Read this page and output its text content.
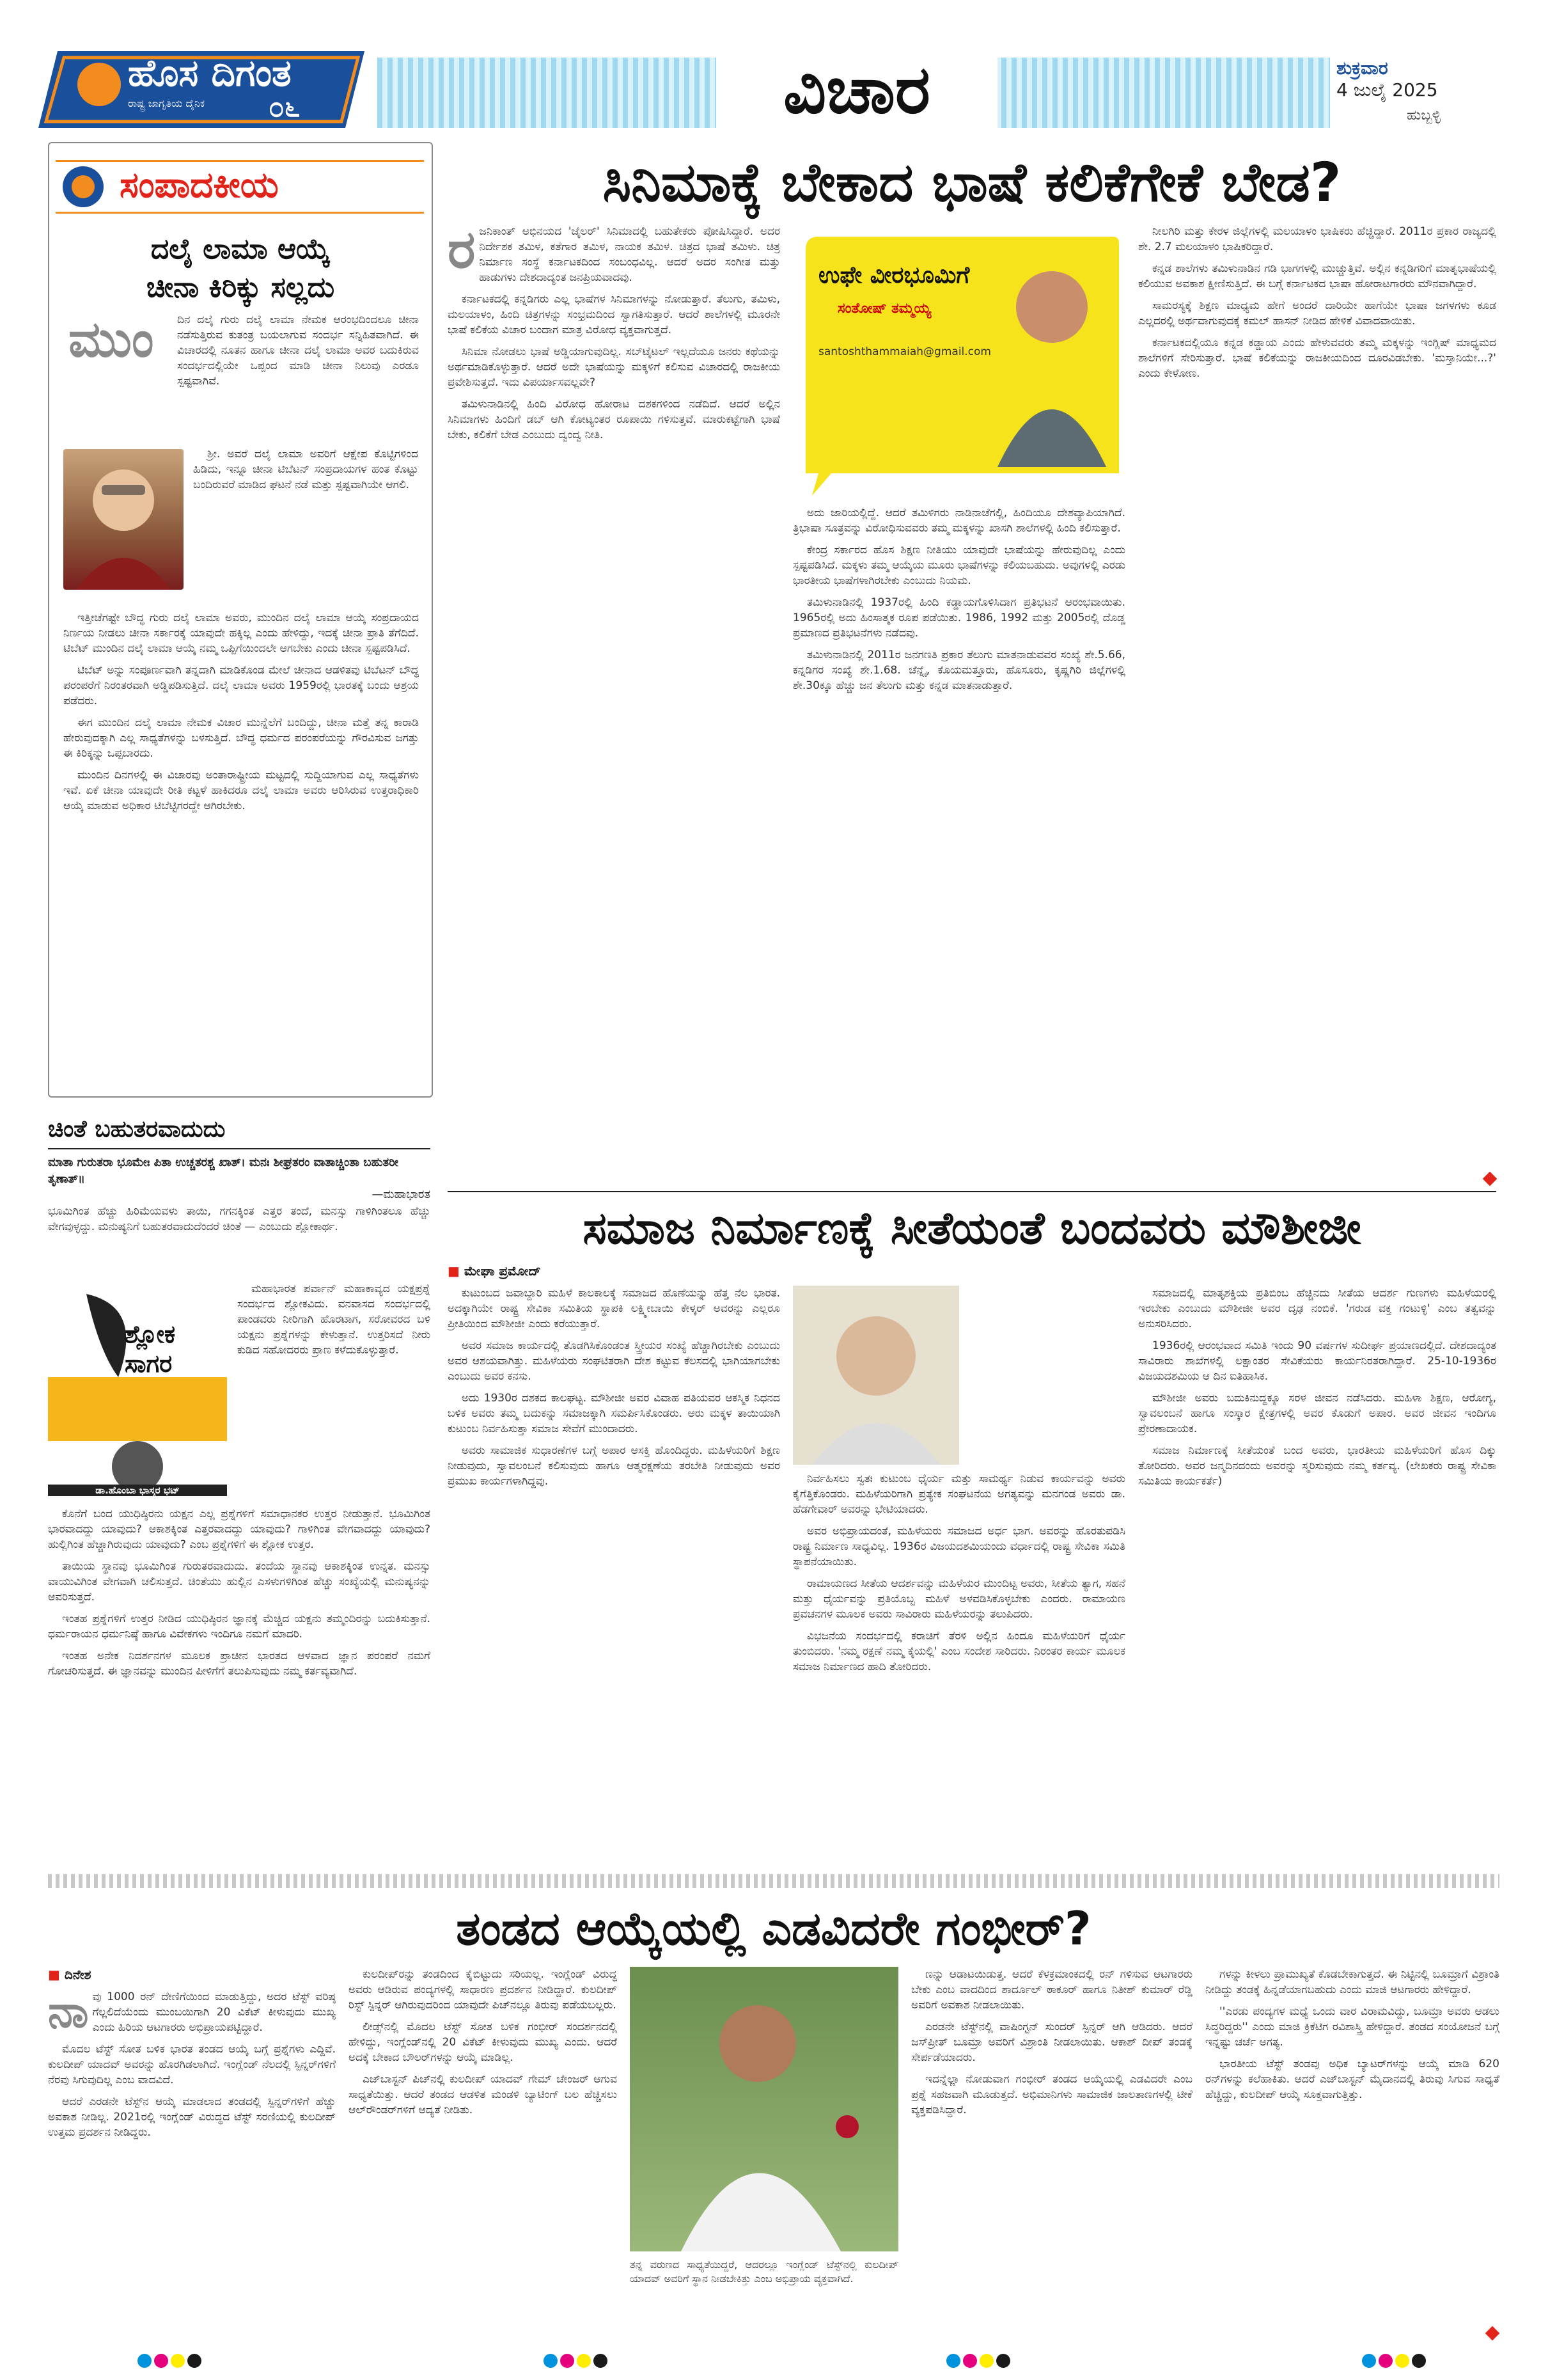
ಹೊಸ ದಿಗಂತ
ರಾಷ್ಟ್ರ ಜಾಗೃತಿಯ ದೈನಿಕ ೦೬	ವಿಚಾರ	ಶುಕ್ರವಾರ
4 ಜುಲೈ 2025
ಹುಬ್ಬಳ್ಳಿ
ಸಂಪಾದಕೀಯ
ದಲೈ ಲಾಮಾ ಆಯ್ಕೆ
ಚೀನಾ ಕಿರಿಕ್ಕು ಸಲ್ಲದು
ಮುಂ ದಿನ ದಲೈ ಗುರು ದಲೈ ಲಾಮಾ ನೇಮಕ ಆರಂಭದಿಂದಲೂ ಚೀನಾ ನಡೆಸುತ್ತಿರುವ ಕುತಂತ್ರ ಬಯಲಾಗುವ ಸಂದರ್ಭ ಸನ್ನಿಹಿತವಾಗಿದೆ. ಈ ವಿಚಾರದಲ್ಲಿ ನೂತನ ಹಾಗೂ ಚೀನಾ ದಲೈ ಲಾಮಾ ಅವರ ಬದುಕಿರುವ ಸಂದರ್ಭದಲ್ಲಿಯೇ ಒಪ್ಪಂದ ಮಾಡಿ ಚೀನಾ ನಿಲುವು ಎರಡೂ ಸ್ಪಷ್ಟವಾಗಿವೆ.

ಶ್ರೀ. ಅವರೆ ದಲೈ ಲಾಮಾ ಅವರಿಗೆ ಆಕ್ಷೇಪ ಕೊಟ್ಟಿಗಳಿಂದ ಹಿಡಿದು, ಇನ್ನೂ ಚೀನಾ ಟಿಬೆಟನ್ ಸಂಪ್ರದಾಯಗಳ ಹಂತ ಕೊಟ್ಟು ಬಂದಿರುವರೆ ಮಾಡಿದ ಘಟನೆ ನಡೆ ಮತ್ತು ಸ್ಪಷ್ಟವಾಗಿಯೇ ಆಗಲಿ.

ಇತ್ತೀಚೆಗಷ್ಟೇ ಬೌದ್ಧ ಗುರು ದಲೈ ಲಾಮಾ ಅವರು, ಮುಂದಿನ ದಲೈ ಲಾಮಾ ಆಯ್ಕೆ ಸಂಪ್ರದಾಯದ ನಿರ್ಣಯ ನೀಡಲು ಚೀನಾ ಸರ್ಕಾರಕ್ಕೆ ಯಾವುದೇ ಹಕ್ಕಿಲ್ಲ ಎಂದು ಹೇಳಿದ್ದು, ಇದಕ್ಕೆ ಚೀನಾ ಪ್ರಾತಿ ತೆಗೆದಿದೆ. ಟಿಬೆಟ್ ಮುಂದಿನ ದಲೈ ಲಾಮಾ ಆಯ್ಕೆ ನಮ್ಮ ಒಪ್ಪಿಗೆಯಿಂದಲೇ ಆಗಬೇಕು ಎಂದು ಚೀನಾ ಸ್ಪಷ್ಟಪಡಿಸಿದೆ.

ಟಿಬೆಟ್ ಅನ್ನು ಸಂಪೂರ್ಣವಾಗಿ ತನ್ನದಾಗಿ ಮಾಡಿಕೊಂಡ ಮೇಲೆ ಚೀನಾದ ಆಡಳಿತವು ಟಿಬೆಟನ್ ಬೌದ್ಧ ಪರಂಪರೆಗೆ ನಿರಂತರವಾಗಿ ಅಡ್ಡಿಪಡಿಸುತ್ತಿದೆ. ದಲೈ ಲಾಮಾ ಅವರು 1959ರಲ್ಲಿ ಭಾರತಕ್ಕೆ ಬಂದು ಆಶ್ರಯ ಪಡೆದರು.

ಈಗ ಮುಂದಿನ ದಲೈ ಲಾಮಾ ನೇಮಕ ವಿಚಾರ ಮುನ್ನೆಲೆಗೆ ಬಂದಿದ್ದು, ಚೀನಾ ಮತ್ತೆ ತನ್ನ ಕಾರಾಡಿ ಹೇರುವುದಕ್ಕಾಗಿ ಎಲ್ಲ ಸಾಧ್ಯತೆಗಳನ್ನು ಬಳಸುತ್ತಿದೆ. ಬೌದ್ಧ ಧರ್ಮದ ಪರಂಪರೆಯನ್ನು ಗೌರವಿಸುವ ಜಗತ್ತು ಈ ಕಿರಿಕ್ಕನ್ನು ಒಪ್ಪಬಾರದು.

ಮುಂದಿನ ದಿನಗಳಲ್ಲಿ ಈ ವಿಚಾರವು ಅಂತಾರಾಷ್ಟ್ರೀಯ ಮಟ್ಟದಲ್ಲಿ ಸುದ್ದಿಯಾಗುವ ಎಲ್ಲ ಸಾಧ್ಯತೆಗಳು ಇವೆ. ಏಕೆ ಚೀನಾ ಯಾವುದೇ ರೀತಿ ಕಟ್ಟಳೆ ಹಾಕಿದರೂ ದಲೈ ಲಾಮಾ ಅವರು ಆರಿಸಿರುವ ಉತ್ತರಾಧಿಕಾರಿ ಆಯ್ಕೆ ಮಾಡುವ ಅಧಿಕಾರ ಟಿಬೆಟ್ಟಿಗರದ್ದೇ ಆಗಿರಬೇಕು.

ಚಿಂತೆ ಬಹುತರವಾದುದು
ಮಾತಾ ಗುರುತರಾ ಭೂಮೇಃ ಪಿತಾ ಉಚ್ಚತರಶ್ಚ ಖಾತ್। ಮನಃ ಶೀಘ್ರತರಂ ವಾತಾಚ್ಚಿಂತಾ ಬಹುತರೀ ತೃಣಾತ್॥
—ಮಹಾಭಾರತ
ಭೂಮಿಗಿಂತ ಹೆಚ್ಚು ಹಿರಿಮೆಯವಳು ತಾಯಿ, ಗಗನಕ್ಕಿಂತ ಎತ್ತರ ತಂದೆ, ಮನಸ್ಸು ಗಾಳಿಗಿಂತಲೂ ಹೆಚ್ಚು ವೇಗವುಳ್ಳದ್ದು. ಮನುಷ್ಯನಿಗೆ ಬಹುತರವಾದುದೆಂದರೆ ಚಿಂತೆ — ಎಂಬುದು ಶ್ಲೋಕಾರ್ಥ.
ಶ್ಲೋಕ ಸಾಗರ
ಡಾ.ಹೊಂಬಾ ಭಾಸ್ಕರ ಭಟ್

ಮಹಾಭಾರತ ಪರ್ವಾನ್ ಮಹಾಕಾವ್ಯದ ಯಕ್ಷಪ್ರಶ್ನೆ ಸಂದರ್ಭದ ಶ್ಲೋಕವಿದು. ವನವಾಸದ ಸಂದರ್ಭದಲ್ಲಿ ಪಾಂಡವರು ನೀರಿಗಾಗಿ ಹೊರಟಾಗ, ಸರೋವರದ ಬಳಿ ಯಕ್ಷನು ಪ್ರಶ್ನೆಗಳನ್ನು ಕೇಳುತ್ತಾನೆ. ಉತ್ತರಿಸದೆ ನೀರು ಕುಡಿದ ಸಹೋದರರು ಪ್ರಾಣ ಕಳೆದುಕೊಳ್ಳುತ್ತಾರೆ.

ಕೊನೆಗೆ ಬಂದ ಯುಧಿಷ್ಠಿರನು ಯಕ್ಷನ ಎಲ್ಲ ಪ್ರಶ್ನೆಗಳಿಗೆ ಸಮಾಧಾನಕರ ಉತ್ತರ ನೀಡುತ್ತಾನೆ. ಭೂಮಿಗಿಂತ ಭಾರವಾದದ್ದು ಯಾವುದು? ಆಕಾಶಕ್ಕಿಂತ ಎತ್ತರವಾದದ್ದು ಯಾವುದು? ಗಾಳಿಗಿಂತ ವೇಗವಾದದ್ದು ಯಾವುದು? ಹುಲ್ಲಿಗಿಂತ ಹೆಚ್ಚಾಗಿರುವುದು ಯಾವುದು? ಎಂಬ ಪ್ರಶ್ನೆಗಳಿಗೆ ಈ ಶ್ಲೋಕ ಉತ್ತರ.

ತಾಯಿಯ ಸ್ಥಾನವು ಭೂಮಿಗಿಂತ ಗುರುತರವಾದುದು. ತಂದೆಯ ಸ್ಥಾನವು ಆಕಾಶಕ್ಕಿಂತ ಉನ್ನತ. ಮನಸ್ಸು ವಾಯುವಿಗಿಂತ ವೇಗವಾಗಿ ಚಲಿಸುತ್ತದೆ. ಚಿಂತೆಯು ಹುಲ್ಲಿನ ಎಸಳುಗಳಿಗಿಂತ ಹೆಚ್ಚು ಸಂಖ್ಯೆಯಲ್ಲಿ ಮನುಷ್ಯನನ್ನು ಆವರಿಸುತ್ತದೆ.

ಇಂತಹ ಪ್ರಶ್ನೆಗಳಿಗೆ ಉತ್ತರ ನೀಡಿದ ಯುಧಿಷ್ಠಿರನ ಜ್ಞಾನಕ್ಕೆ ಮೆಚ್ಚಿದ ಯಕ್ಷನು ತಮ್ಮಂದಿರನ್ನು ಬದುಕಿಸುತ್ತಾನೆ. ಧರ್ಮರಾಯನ ಧರ್ಮನಿಷ್ಠೆ ಹಾಗೂ ವಿವೇಕಗಳು ಇಂದಿಗೂ ನಮಗೆ ಮಾದರಿ.

ಇಂತಹ ಅನೇಕ ನಿದರ್ಶನಗಳ ಮೂಲಕ ಪ್ರಾಚೀನ ಭಾರತದ ಆಳವಾದ ಜ್ಞಾನ ಪರಂಪರೆ ನಮಗೆ ಗೋಚರಿಸುತ್ತದೆ. ಈ ಜ್ಞಾನವನ್ನು ಮುಂದಿನ ಪೀಳಿಗೆಗೆ ತಲುಪಿಸುವುದು ನಮ್ಮ ಕರ್ತವ್ಯವಾಗಿದೆ.

ಸಿನಿಮಾಕ್ಕೆ ಬೇಕಾದ ಭಾಷೆ ಕಲಿಕೆಗೇಕೆ ಬೇಡ?
ರ ಜನಿಕಾಂತ್ ಅಭಿನಯದ 'ಜೈಲರ್' ಸಿನಿಮಾದಲ್ಲಿ ಬಹುತೇಕರು ಪೋಷಿಸಿದ್ದಾರೆ. ಅದರ ನಿರ್ದೇಶಕ ತಮಿಳ, ಕತೆಗಾರ ತಮಿಳ, ನಾಯಕ ತಮಿಳ. ಚಿತ್ರದ ಭಾಷೆ ತಮಿಳು. ಚಿತ್ರ ನಿರ್ಮಾಣ ಸಂಸ್ಥೆ ಕರ್ನಾಟಕದಿಂದ ಸಂಬಂಧವಿಲ್ಲ. ಆದರೆ ಅದರ ಸಂಗೀತ ಮತ್ತು ಹಾಡುಗಳು ದೇಶದಾದ್ಯಂತ ಜನಪ್ರಿಯವಾದವು.

ಕರ್ನಾಟಕದಲ್ಲಿ ಕನ್ನಡಿಗರು ಎಲ್ಲ ಭಾಷೆಗಳ ಸಿನಿಮಾಗಳನ್ನು ನೋಡುತ್ತಾರೆ. ತೆಲುಗು, ತಮಿಳು, ಮಲಯಾಳಂ, ಹಿಂದಿ ಚಿತ್ರಗಳನ್ನು ಸಂಭ್ರಮದಿಂದ ಸ್ವಾಗತಿಸುತ್ತಾರೆ. ಆದರೆ ಶಾಲೆಗಳಲ್ಲಿ ಮೂರನೇ ಭಾಷೆ ಕಲಿಕೆಯ ವಿಚಾರ ಬಂದಾಗ ಮಾತ್ರ ವಿರೋಧ ವ್ಯಕ್ತವಾಗುತ್ತದೆ.

ಸಿನಿಮಾ ನೋಡಲು ಭಾಷೆ ಅಡ್ಡಿಯಾಗುವುದಿಲ್ಲ. ಸಬ್‌ಟೈಟಲ್ ಇಲ್ಲದೆಯೂ ಜನರು ಕಥೆಯನ್ನು ಅರ್ಥಮಾಡಿಕೊಳ್ಳುತ್ತಾರೆ. ಆದರೆ ಅದೇ ಭಾಷೆಯನ್ನು ಮಕ್ಕಳಿಗೆ ಕಲಿಸುವ ವಿಚಾರದಲ್ಲಿ ರಾಜಕೀಯ ಪ್ರವೇಶಿಸುತ್ತದೆ. ಇದು ವಿಪರ್ಯಾಸವಲ್ಲವೇ?

ತಮಿಳುನಾಡಿನಲ್ಲಿ ಹಿಂದಿ ವಿರೋಧ ಹೋರಾಟ ದಶಕಗಳಿಂದ ನಡೆದಿದೆ. ಆದರೆ ಅಲ್ಲಿನ ಸಿನಿಮಾಗಳು ಹಿಂದಿಗೆ ಡಬ್ ಆಗಿ ಕೋಟ್ಯಂತರ ರೂಪಾಯಿ ಗಳಿಸುತ್ತವೆ. ಮಾರುಕಟ್ಟೆಗಾಗಿ ಭಾಷೆ ಬೇಕು, ಕಲಿಕೆಗೆ ಬೇಡ ಎಂಬುದು ದ್ವಂದ್ವ ನೀತಿ.

ಉಫೇ ವೀರಭೂಮಿಗೆ
ಸಂತೋಷ್ ತಮ್ಮಯ್ಯ
santoshthammaiah@gmail.com

ಅದು ಜಾರಿಯಲ್ಲಿದ್ದೆ. ಆದರೆ ತಮಿಳಿಗರು ನಾಡಿನಾಚೆಗಲ್ಲಿ, ಹಿಂದಿಯೂ ದೇಶವ್ಯಾಪಿಯಾಗಿದೆ. ತ್ರಿಭಾಷಾ ಸೂತ್ರವನ್ನು ವಿರೋಧಿಸುವವರು ತಮ್ಮ ಮಕ್ಕಳನ್ನು ಖಾಸಗಿ ಶಾಲೆಗಳಲ್ಲಿ ಹಿಂದಿ ಕಲಿಸುತ್ತಾರೆ.

ಕೇಂದ್ರ ಸರ್ಕಾರದ ಹೊಸ ಶಿಕ್ಷಣ ನೀತಿಯು ಯಾವುದೇ ಭಾಷೆಯನ್ನು ಹೇರುವುದಿಲ್ಲ ಎಂದು ಸ್ಪಷ್ಟಪಡಿಸಿದೆ. ಮಕ್ಕಳು ತಮ್ಮ ಆಯ್ಕೆಯ ಮೂರು ಭಾಷೆಗಳನ್ನು ಕಲಿಯಬಹುದು. ಅವುಗಳಲ್ಲಿ ಎರಡು ಭಾರತೀಯ ಭಾಷೆಗಳಾಗಿರಬೇಕು ಎಂಬುದು ನಿಯಮ.

ತಮಿಳುನಾಡಿನಲ್ಲಿ 1937ರಲ್ಲಿ ಹಿಂದಿ ಕಡ್ಡಾಯಗೊಳಿಸಿದಾಗ ಪ್ರತಿಭಟನೆ ಆರಂಭವಾಯಿತು. 1965ರಲ್ಲಿ ಅದು ಹಿಂಸಾತ್ಮಕ ರೂಪ ಪಡೆಯಿತು. 1986, 1992 ಮತ್ತು 2005ರಲ್ಲಿ ದೊಡ್ಡ ಪ್ರಮಾಣದ ಪ್ರತಿಭಟನೆಗಳು ನಡೆದವು.

ತಮಿಳುನಾಡಿನಲ್ಲಿ 2011ರ ಜನಗಣತಿ ಪ್ರಕಾರ ತೆಲುಗು ಮಾತನಾಡುವವರ ಸಂಖ್ಯೆ ಶೇ.5.66, ಕನ್ನಡಿಗರ ಸಂಖ್ಯೆ ಶೇ.1.68. ಚೆನ್ನೈ, ಕೊಯಮತ್ತೂರು, ಹೊಸೂರು, ಕೃಷ್ಣಗಿರಿ ಜಿಲ್ಲೆಗಳಲ್ಲಿ ಶೇ.30ಕ್ಕೂ ಹೆಚ್ಚು ಜನ ತೆಲುಗು ಮತ್ತು ಕನ್ನಡ ಮಾತನಾಡುತ್ತಾರೆ.

ನೀಲಗಿರಿ ಮತ್ತು ಕೇರಳ ಜಿಲ್ಲೆಗಳಲ್ಲಿ ಮಲಯಾಳಂ ಭಾಷಿಕರು ಹೆಚ್ಚಿದ್ದಾರೆ. 2011ರ ಪ್ರಕಾರ ರಾಜ್ಯದಲ್ಲಿ ಶೇ. 2.7 ಮಲಯಾಳಂ ಭಾಷಿಕರಿದ್ದಾರೆ.

ಕನ್ನಡ ಶಾಲೆಗಳು ತಮಿಳುನಾಡಿನ ಗಡಿ ಭಾಗಗಳಲ್ಲಿ ಮುಚ್ಚುತ್ತಿವೆ. ಅಲ್ಲಿನ ಕನ್ನಡಿಗರಿಗೆ ಮಾತೃಭಾಷೆಯಲ್ಲಿ ಕಲಿಯುವ ಅವಕಾಶ ಕ್ಷೀಣಿಸುತ್ತಿದೆ. ಈ ಬಗ್ಗೆ ಕರ್ನಾಟಕದ ಭಾಷಾ ಹೋರಾಟಗಾರರು ಮೌನವಾಗಿದ್ದಾರೆ.

ಸಾಮರಸ್ಯಕ್ಕೆ ಶಿಕ್ಷಣ ಮಾಧ್ಯಮ ಹೇಗೆ ಅಂದರೆ ದಾರಿಯೇ ಹಾಗೆಯೇ ಭಾಷಾ ಜಗಳಗಳು ಕೂಡ ಎಲ್ಲದರಲ್ಲಿ ಅರ್ಥವಾಗುವುದಕ್ಕೆ ಕಮಲ್ ಹಾಸನ್ ನೀಡಿದ ಹೇಳಿಕೆ ವಿವಾದವಾಯಿತು.

ಕರ್ನಾಟಕದಲ್ಲಿಯೂ ಕನ್ನಡ ಕಡ್ಡಾಯ ಎಂದು ಹೇಳುವವರು ತಮ್ಮ ಮಕ್ಕಳನ್ನು ಇಂಗ್ಲಿಷ್ ಮಾಧ್ಯಮದ ಶಾಲೆಗಳಿಗೆ ಸೇರಿಸುತ್ತಾರೆ. ಭಾಷೆ ಕಲಿಕೆಯನ್ನು ರಾಜಕೀಯದಿಂದ ದೂರವಿಡಬೇಕು. 'ಮಸ್ತಾನಿಯೇ...?' ಎಂದು ಕೇಳೋಣ.

ಸಮಾಜ ನಿರ್ಮಾಣಕ್ಕೆ ಸೀತೆಯಂತೆ ಬಂದವರು ಮೌಶೀಜೀ
■ ಮೇಘಾ ಪ್ರಮೋದ್

ಕುಟುಂಬದ ಜವಾಬ್ದಾರಿ ಮಹಿಳೆ ಕಾಲಕಾಲಕ್ಕೆ ಸಮಾಜದ ಹೊಣೆಯನ್ನು ಹೆತ್ತ ನೆಲ ಭಾರತ. ಅದಕ್ಕಾಗಿಯೇ ರಾಷ್ಟ್ರ ಸೇವಿಕಾ ಸಮಿತಿಯ ಸ್ಥಾಪಕಿ ಲಕ್ಷ್ಮೀಬಾಯಿ ಕೇಳ್ಕರ್ ಅವರನ್ನು ಎಲ್ಲರೂ ಪ್ರೀತಿಯಿಂದ ಮೌಶೀಜೀ ಎಂದು ಕರೆಯುತ್ತಾರೆ.

ಅವರ ಸಮಾಜ ಕಾರ್ಯದಲ್ಲಿ ತೊಡಗಿಸಿಕೊಂಡಂತ ಸ್ತ್ರೀಯರ ಸಂಖ್ಯೆ ಹೆಚ್ಚಾಗಿರಬೇಕು ಎಂಬುದು ಅವರ ಆಶಯವಾಗಿತ್ತು. ಮಹಿಳೆಯರು ಸಂಘಟಿತರಾಗಿ ದೇಶ ಕಟ್ಟುವ ಕೆಲಸದಲ್ಲಿ ಭಾಗಿಯಾಗಬೇಕು ಎಂಬುದು ಅವರ ಕನಸು.

ಅದು 1930ರ ದಶಕದ ಕಾಲಘಟ್ಟ. ಮೌಶೀಜೀ ಅವರ ವಿವಾಹ ಪತಿಯವರ ಆಕಸ್ಮಿಕ ನಿಧನದ ಬಳಿಕ ಅವರು ತಮ್ಮ ಬದುಕನ್ನು ಸಮಾಜಕ್ಕಾಗಿ ಸಮರ್ಪಿಸಿಕೊಂಡರು. ಆರು ಮಕ್ಕಳ ತಾಯಿಯಾಗಿ ಕುಟುಂಬ ನಿರ್ವಹಿಸುತ್ತಾ ಸಮಾಜ ಸೇವೆಗೆ ಮುಂದಾದರು.

ಅವರು ಸಾಮಾಜಿಕ ಸುಧಾರಣೆಗಳ ಬಗ್ಗೆ ಅಪಾರ ಆಸಕ್ತಿ ಹೊಂದಿದ್ದರು. ಮಹಿಳೆಯರಿಗೆ ಶಿಕ್ಷಣ ನೀಡುವುದು, ಸ್ವಾವಲಂಬನೆ ಕಲಿಸುವುದು ಹಾಗೂ ಆತ್ಮರಕ್ಷಣೆಯ ತರಬೇತಿ ನೀಡುವುದು ಅವರ ಪ್ರಮುಖ ಕಾರ್ಯಗಳಾಗಿದ್ದವು.	ನಿರ್ವಹಿಸಲು ಸ್ವತಃ ಕುಟುಂಬ ಧೈರ್ಯ ಮತ್ತು ಸಾಮರ್ಥ್ಯ ನಿಡುವ ಕಾರ್ಯವನ್ನು ಅವರು ಕೈಗೆತ್ತಿಕೊಂಡರು. ಮಹಿಳೆಯರಿಗಾಗಿ ಪ್ರತ್ಯೇಕ ಸಂಘಟನೆಯ ಅಗತ್ಯವನ್ನು ಮನಗಂಡ ಅವರು ಡಾ. ಹೆಡಗೇವಾರ್ ಅವರನ್ನು ಭೇಟಿಯಾದರು.

ಅವರ ಅಭಿಪ್ರಾಯದಂತೆ, ಮಹಿಳೆಯರು ಸಮಾಜದ ಅರ್ಧ ಭಾಗ. ಅವರನ್ನು ಹೊರತುಪಡಿಸಿ ರಾಷ್ಟ್ರ ನಿರ್ಮಾಣ ಸಾಧ್ಯವಿಲ್ಲ. 1936ರ ವಿಜಯದಶಮಿಯಂದು ವರ್ಧಾದಲ್ಲಿ ರಾಷ್ಟ್ರ ಸೇವಿಕಾ ಸಮಿತಿ ಸ್ಥಾಪನೆಯಾಯಿತು.

ರಾಮಾಯಣದ ಸೀತೆಯ ಆದರ್ಶವನ್ನು ಮಹಿಳೆಯರ ಮುಂದಿಟ್ಟ ಅವರು, ಸೀತೆಯ ತ್ಯಾಗ, ಸಹನೆ ಮತ್ತು ಧೈರ್ಯವನ್ನು ಪ್ರತಿಯೊಬ್ಬ ಮಹಿಳೆ ಅಳವಡಿಸಿಕೊಳ್ಳಬೇಕು ಎಂದರು. ರಾಮಾಯಣ ಪ್ರವಚನಗಳ ಮೂಲಕ ಅವರು ಸಾವಿರಾರು ಮಹಿಳೆಯರನ್ನು ತಲುಪಿದರು.

ವಿಭಜನೆಯ ಸಂದರ್ಭದಲ್ಲಿ ಕರಾಚಿಗೆ ತೆರಳಿ ಅಲ್ಲಿನ ಹಿಂದೂ ಮಹಿಳೆಯರಿಗೆ ಧೈರ್ಯ ತುಂಬಿದರು. 'ನಮ್ಮ ರಕ್ಷಣೆ ನಮ್ಮ ಕೈಯಲ್ಲಿ' ಎಂಬ ಸಂದೇಶ ಸಾರಿದರು. ನಿರಂತರ ಕಾರ್ಯ ಮೂಲಕ ಸಮಾಜ ನಿರ್ಮಾಣದ ಹಾದಿ ತೋರಿದರು.

ಸಮಾಜದಲ್ಲಿ ಮಾತೃಶಕ್ತಿಯ ಪ್ರತಿಬಿಂಬ ಹೆಚ್ಚಿನದು ಸೀತೆಯ ಆದರ್ಶ ಗುಣಗಳು ಮಹಿಳೆಯರಲ್ಲಿ ಇರಬೇಕು ಎಂಬುದು ಮೌಶೀಜೀ ಅವರ ದೃಢ ನಂಬಿಕೆ. 'ಗರುಡ ವಕ್ತ ಗಂಟುಳ್ಳಿ' ಎಂಬ ತತ್ವವನ್ನು ಅನುಸರಿಸಿದರು.

1936ರಲ್ಲಿ ಆರಂಭವಾದ ಸಮಿತಿ ಇಂದು 90 ವರ್ಷಗಳ ಸುದೀರ್ಘ ಪ್ರಯಾಣದಲ್ಲಿದೆ. ದೇಶದಾದ್ಯಂತ ಸಾವಿರಾರು ಶಾಖೆಗಳಲ್ಲಿ ಲಕ್ಷಾಂತರ ಸೇವಿಕೆಯರು ಕಾರ್ಯನಿರತರಾಗಿದ್ದಾರೆ. 25-10-1936ರ ವಿಜಯದಶಮಿಯ ಆ ದಿನ ಐತಿಹಾಸಿಕ.

ಮೌಶೀಜೀ ಅವರು ಬದುಕಿನುದ್ದಕ್ಕೂ ಸರಳ ಜೀವನ ನಡೆಸಿದರು. ಮಹಿಳಾ ಶಿಕ್ಷಣ, ಆರೋಗ್ಯ, ಸ್ವಾವಲಂಬನೆ ಹಾಗೂ ಸಂಸ್ಕಾರ ಕ್ಷೇತ್ರಗಳಲ್ಲಿ ಅವರ ಕೊಡುಗೆ ಅಪಾರ. ಅವರ ಜೀವನ ಇಂದಿಗೂ ಪ್ರೇರಣಾದಾಯಕ.

ಸಮಾಜ ನಿರ್ಮಾಣಕ್ಕೆ ಸೀತೆಯಂತೆ ಬಂದ ಅವರು, ಭಾರತೀಯ ಮಹಿಳೆಯರಿಗೆ ಹೊಸ ದಿಕ್ಕು ತೋರಿದರು. ಅವರ ಜನ್ಮದಿನದಂದು ಅವರನ್ನು ಸ್ಮರಿಸುವುದು ನಮ್ಮ ಕರ್ತವ್ಯ. (ಲೇಖಕರು ರಾಷ್ಟ್ರ ಸೇವಿಕಾ ಸಮಿತಿಯ ಕಾರ್ಯಕರ್ತೆ)

ತಂಡದ ಆಯ್ಕೆಯಲ್ಲಿ ಎಡವಿದರೇ ಗಂಭೀರ್?
■ ದಿನೇಶ
ನಾ ವು 1000 ರನ್ ದೇಣಿಗೆಯಿಂದ ಮಾಡುತ್ತಿದ್ದು, ಅದರ ಟೆಸ್ಟ್ ವರಿಷ್ಠ ಗೆಲ್ಲಲಿದೆಯೆಂದು ಮುಂಬಯಿಗಾಗಿ 20 ವಿಕೆಟ್ ಕೀಳುವುದು ಮುಖ್ಯ ಎಂದು ಹಿರಿಯ ಆಟಗಾರರು ಅಭಿಪ್ರಾಯಪಟ್ಟಿದ್ದಾರೆ.

ಮೊದಲ ಟೆಸ್ಟ್ ಸೋತ ಬಳಿಕ ಭಾರತ ತಂಡದ ಆಯ್ಕೆ ಬಗ್ಗೆ ಪ್ರಶ್ನೆಗಳು ಎದ್ದಿವೆ. ಕುಲದೀಪ್ ಯಾದವ್ ಅವರನ್ನು ಹೊರಗಿಡಲಾಗಿದೆ. ಇಂಗ್ಲೆಂಡ್ ನೆಲದಲ್ಲಿ ಸ್ಪಿನ್ನರ್‌ಗಳಿಗೆ ನೆರವು ಸಿಗುವುದಿಲ್ಲ ಎಂಬ ವಾದವಿದೆ.

ಆದರೆ ಎರಡನೇ ಟೆಸ್ಟ್‌ನ ಆಯ್ಕೆ ಮಾಡಲಾದ ತಂಡದಲ್ಲಿ ಸ್ಪಿನ್ನರ್‌ಗಳಿಗೆ ಹೆಚ್ಚು ಅವಕಾಶ ನೀಡಿಲ್ಲ. 2021ರಲ್ಲಿ ಇಂಗ್ಲೆಂಡ್ ವಿರುದ್ಧದ ಟೆಸ್ಟ್ ಸರಣಿಯಲ್ಲಿ ಕುಲದೀಪ್ ಉತ್ತಮ ಪ್ರದರ್ಶನ ನೀಡಿದ್ದರು.

ಕುಲದೀಪ್‌ರನ್ನು ತಂಡದಿಂದ ಕೈಬಿಟ್ಟುದು ಸರಿಯಲ್ಲ. ಇಂಗ್ಲೆಂಡ್ ವಿರುದ್ಧ ಅವರು ಆಡಿರುವ ಪಂದ್ಯಗಳಲ್ಲಿ ಸಾಧಾರಣ ಪ್ರದರ್ಶನ ನೀಡಿದ್ದಾರೆ. ಕುಲದೀಪ್ ರಿಸ್ಟ್ ಸ್ಪಿನ್ನರ್ ಆಗಿರುವುದರಿಂದ ಯಾವುದೇ ಪಿಚ್‌ನಲ್ಲೂ ತಿರುವು ಪಡೆಯಬಲ್ಲರು.

ಲೀಡ್ಸ್‌ನಲ್ಲಿ ಮೊದಲ ಟೆಸ್ಟ್ ಸೋತ ಬಳಿಕ ಗಂಭೀರ್ ಸಂದರ್ಶನದಲ್ಲಿ ಹೇಳಿದ್ದು, ಇಂಗ್ಲೆಂಡ್‌ನಲ್ಲಿ 20 ವಿಕೆಟ್ ಕೀಳುವುದು ಮುಖ್ಯ ಎಂದು. ಆದರೆ ಅದಕ್ಕೆ ಬೇಕಾದ ಬೌಲರ್‌ಗಳನ್ನು ಆಯ್ಕೆ ಮಾಡಿಲ್ಲ.

ಎಜ್‌ಬಾಸ್ಟನ್ ಪಿಚ್‌ನಲ್ಲಿ ಕುಲದೀಪ್ ಯಾದವ್ ಗೇಮ್ ಚೇಂಜರ್ ಆಗುವ ಸಾಧ್ಯತೆಯಿತ್ತು. ಆದರೆ ತಂಡದ ಆಡಳಿತ ಮಂಡಳಿ ಬ್ಯಾಟಿಂಗ್ ಬಲ ಹೆಚ್ಚಿಸಲು ಆಲ್‌ರೌಂಡರ್‌ಗಳಿಗೆ ಆದ್ಯತೆ ನೀಡಿತು.

ತನ್ನ ವರುಣದ ಸಾಧ್ಯತೆಯಿದ್ದರೆ, ಆದರಲ್ಲೂ ಇಂಗ್ಲೆಂಡ್ ಟೆಸ್ಟ್‌ನಲ್ಲಿ ಕುಲದೀಪ್ ಯಾದವ್ ಅವರಿಗೆ ಸ್ಥಾನ ನೀಡಬೇಕಿತ್ತು ಎಂಬ ಅಭಿಪ್ರಾಯ ವ್ಯಕ್ತವಾಗಿದೆ.

ಣನ್ನು ಆಡಾಟಯಿಡುತ್ತ. ಆದರೆ ಕೆಳಕ್ರಮಾಂಕದಲ್ಲಿ ರನ್ ಗಳಿಸುವ ಆಟಗಾರರು ಬೇಕು ಎಂಬ ವಾದದಿಂದ ಶಾರ್ದೂಲ್ ಠಾಕೂರ್ ಹಾಗೂ ನಿತೀಶ್ ಕುಮಾರ್ ರೆಡ್ಡಿ ಅವರಿಗೆ ಅವಕಾಶ ನೀಡಲಾಯಿತು.

ಎರಡನೇ ಟೆಸ್ಟ್‌ನಲ್ಲಿ ವಾಷಿಂಗ್ಟನ್ ಸುಂದರ್ ಸ್ಪಿನ್ನರ್ ಆಗಿ ಆಡಿದರು. ಆದರೆ ಜಸ್‌ಪ್ರೀತ್ ಬೂಮ್ರಾ ಅವರಿಗೆ ವಿಶ್ರಾಂತಿ ನೀಡಲಾಯಿತು. ಆಕಾಶ್ ದೀಪ್ ತಂಡಕ್ಕೆ ಸೇರ್ಪಡೆಯಾದರು.

ಇದನ್ನೆಲ್ಲಾ ನೋಡುವಾಗ ಗಂಭೀರ್ ತಂಡದ ಆಯ್ಕೆಯಲ್ಲಿ ಎಡವಿದರೇ ಎಂಬ ಪ್ರಶ್ನೆ ಸಹಜವಾಗಿ ಮೂಡುತ್ತದೆ. ಅಭಿಮಾನಿಗಳು ಸಾಮಾಜಿಕ ಜಾಲತಾಣಗಳಲ್ಲಿ ಟೀಕೆ ವ್ಯಕ್ತಪಡಿಸಿದ್ದಾರೆ.

ಗಳನ್ನು ಕೀಳಲು ಪ್ರಾಮುಖ್ಯತೆ ಕೊಡಬೇಕಾಗುತ್ತದೆ. ಈ ನಿಟ್ಟಿನಲ್ಲಿ ಬೂಮ್ರಾಗೆ ವಿಶ್ರಾಂತಿ ನೀಡಿದ್ದು ತಂಡಕ್ಕೆ ಹಿನ್ನಡೆಯಾಗಬಹುದು ಎಂದು ಮಾಜಿ ಆಟಗಾರರು ಹೇಳಿದ್ದಾರೆ.

''ಎರಡು ಪಂದ್ಯಗಳ ಮಧ್ಯೆ ಒಂದು ವಾರ ವಿರಾಮವಿದ್ದು, ಬೂಮ್ರಾ ಅವರು ಆಡಲು ಸಿದ್ಧರಿದ್ದರು'' ಎಂದು ಮಾಜಿ ಕ್ರಿಕೆಟಿಗ ರವಿಶಾಸ್ತ್ರಿ ಹೇಳಿದ್ದಾರೆ. ತಂಡದ ಸಂಯೋಜನೆ ಬಗ್ಗೆ ಇನ್ನಷ್ಟು ಚರ್ಚೆ ಅಗತ್ಯ.

ಭಾರತೀಯ ಟೆಸ್ಟ್ ತಂಡವು ಅಧಿಕ ಬ್ಯಾಟರ್‌ಗಳನ್ನು ಆಯ್ಕೆ ಮಾಡಿ 620 ರನ್‌ಗಳನ್ನು ಕಲೆಹಾಕಿತು. ಆದರೆ ಎಜ್‌ಬಾಸ್ಟನ್ ಮೈದಾನದಲ್ಲಿ ತಿರುವು ಸಿಗುವ ಸಾಧ್ಯತೆ ಹೆಚ್ಚಿದ್ದು, ಕುಲದೀಪ್ ಆಯ್ಕೆ ಸೂಕ್ತವಾಗುತ್ತಿತ್ತು.
